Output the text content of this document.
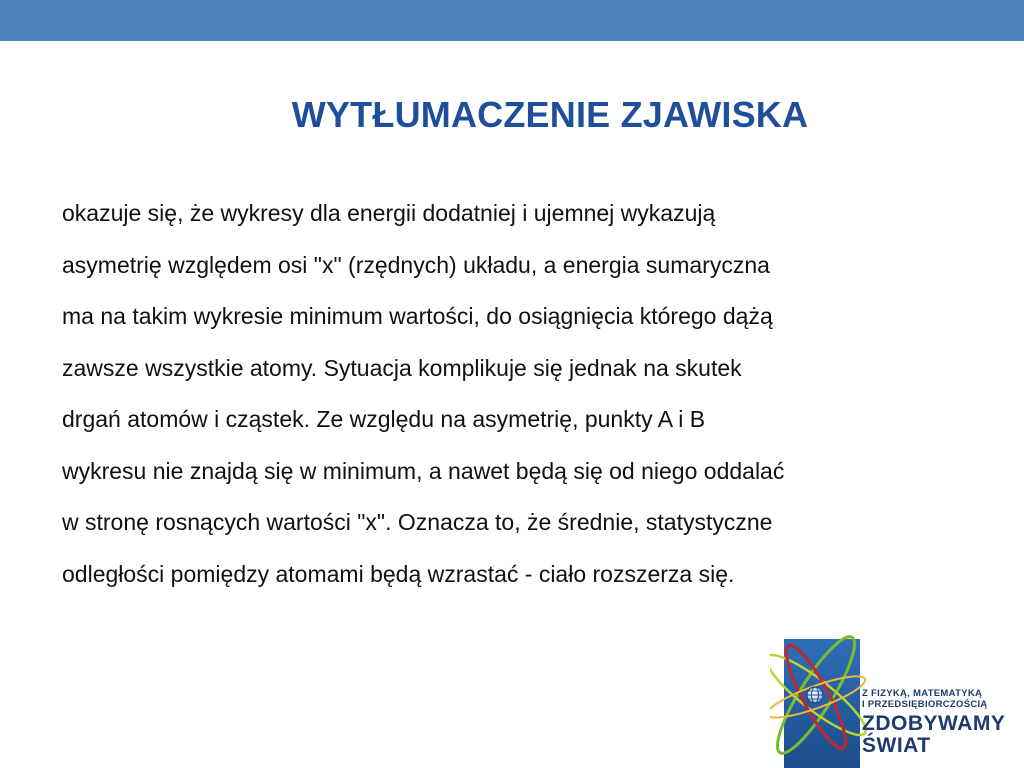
WYTŁUMACZENIE ZJAWISKA
okazuje się, że wykresy dla energii dodatniej i ujemnej wykazują
asymetrię względem osi "x" (rzędnych) układu, a energia sumaryczna
ma na takim wykresie minimum wartości, do osiągnięcia którego dążą
zawsze wszystkie atomy. Sytuacja komplikuje się jednak na skutek
drgań atomów i cząstek. Ze względu na asymetrię, punkty A i B
wykresu nie znajdą się w minimum, a nawet będą się od niego oddalać
w stronę rosnących wartości "x". Oznacza to, że średnie, statystyczne
odległości pomiędzy atomami będą wzrastać - ciało rozszerza się.
Z FIZYKĄ, MATEMATYKĄ
I PRZEDSIĘBIORCZOŚCIĄ
ZDOBYWAMY
ŚWIAT
